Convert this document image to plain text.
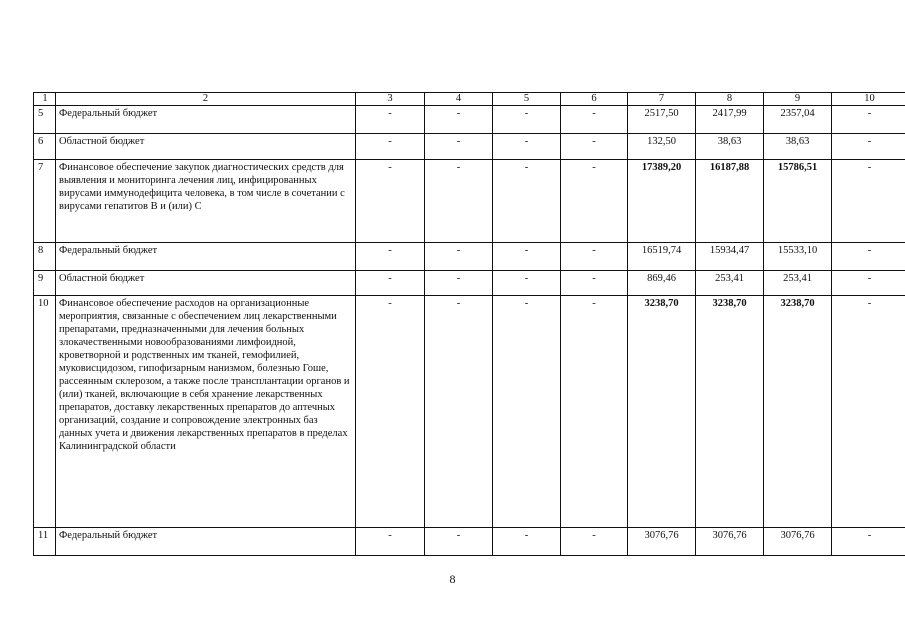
1	2	3	4	5	6	7	8	9	10
5	Федеральный бюджет	-	-	-	-	2517,50	2417,99	2357,04	-
6	Областной бюджет	-	-	-	-	132,50	38,63	38,63	-
7	Финансовое обеспечение закупок диагностических средств для выявления и мониторинга лечения лиц, инфицированных вирусами иммунодефицита человека, в том числе в сочетании с вирусами гепатитов В и (или) С	-	-	-	-	17389,20	16187,88	15786,51	-
8	Федеральный бюджет	-	-	-	-	16519,74	15934,47	15533,10	-
9	Областной бюджет	-	-	-	-	869,46	253,41	253,41	-
10	Финансовое обеспечение расходов на организационные мероприятия, связанные с обеспечением лиц лекарственными препаратами, предназначенными для лечения больных злокачественными новообразованиями лимфоидной, кроветворной и родственных им тканей, гемофилией, муковисцидозом, гипофизарным нанизмом, болезнью Гоше, рассеянным склерозом, а также после трансплантации органов и (или) тканей, включающие в себя хранение лекарственных препаратов, доставку лекарственных препаратов до аптечных организаций, создание и сопровождение электронных баз данных учета и движения лекарственных препаратов в пределах Калининградской области	-	-	-	-	3238,70	3238,70	3238,70	-
11	Федеральный бюджет	-	-	-	-	3076,76	3076,76	3076,76	-
8
